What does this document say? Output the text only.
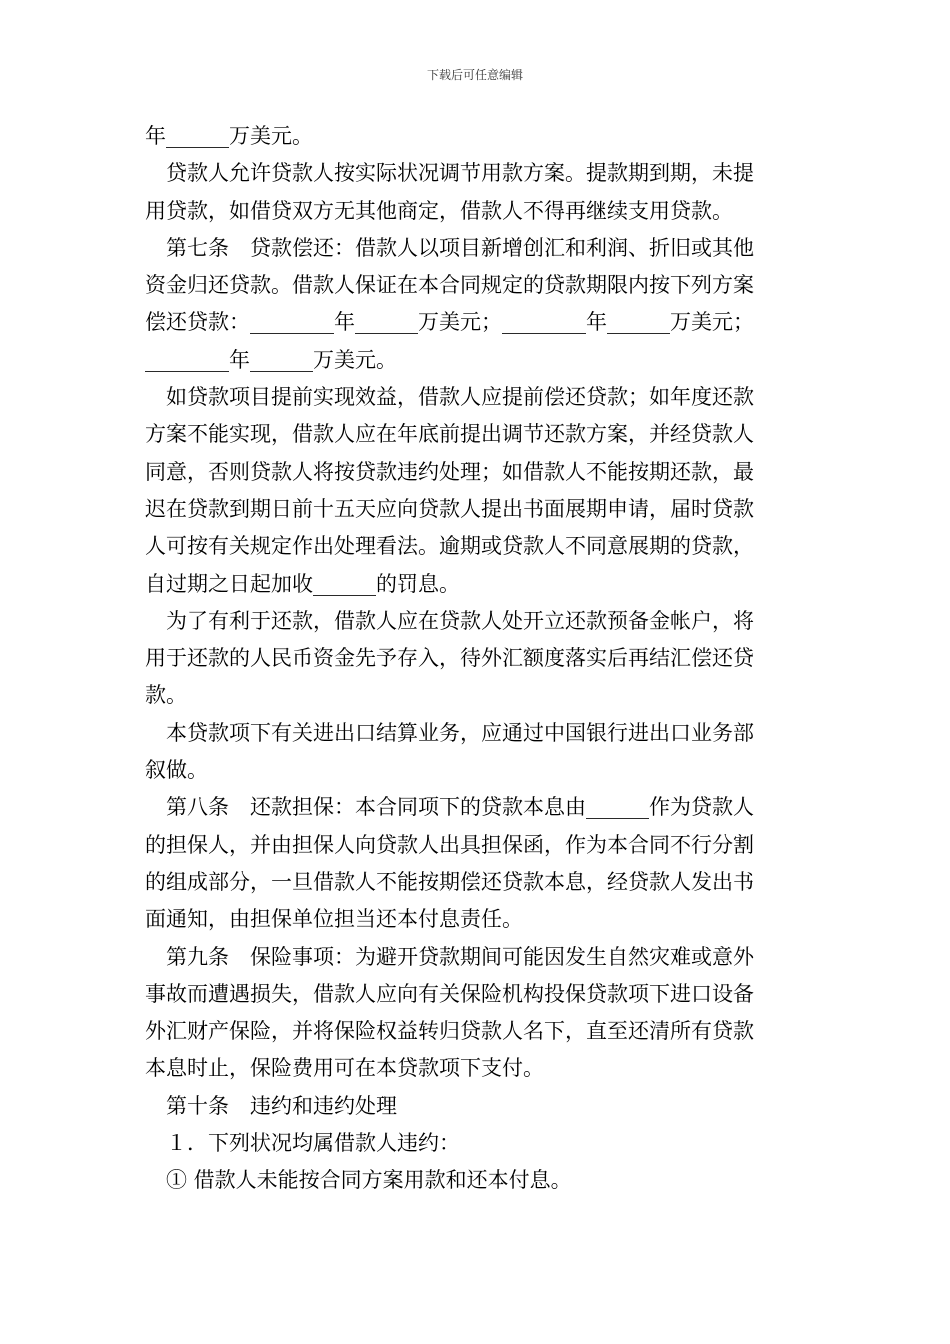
下载后可任意编辑
年______万美元。
贷款人允许贷款人按实际状况调节用款方案。提款期到期，未提
用贷款，如借贷双方无其他商定，借款人不得再继续支用贷款。
第七条　贷款偿还：借款人以项目新增创汇和利润、折旧或其他
资金归还贷款。借款人保证在本合同规定的贷款期限内按下列方案
偿还贷款：________年______万美元；________年______万美元；
________年______万美元。
如贷款项目提前实现效益，借款人应提前偿还贷款；如年度还款
方案不能实现，借款人应在年底前提出调节还款方案，并经贷款人
同意，否则贷款人将按贷款违约处理；如借款人不能按期还款，最
迟在贷款到期日前十五天应向贷款人提出书面展期申请，届时贷款
人可按有关规定作出处理看法。逾期或贷款人不同意展期的贷款，
自过期之日起加收______的罚息。
为了有利于还款，借款人应在贷款人处开立还款预备金帐户，将
用于还款的人民币资金先予存入，待外汇额度落实后再结汇偿还贷
款。
本贷款项下有关进出口结算业务，应通过中国银行进出口业务部
叙做。
第八条　还款担保：本合同项下的贷款本息由______作为贷款人
的担保人，并由担保人向贷款人出具担保函，作为本合同不行分割
的组成部分，一旦借款人不能按期偿还贷款本息，经贷款人发出书
面通知，由担保单位担当还本付息责任。
第九条　保险事项：为避开贷款期间可能因发生自然灾难或意外
事故而遭遇损失，借款人应向有关保险机构投保贷款项下进口设备
外汇财产保险，并将保险权益转归贷款人名下，直至还清所有贷款
本息时止，保险费用可在本贷款项下支付。
第十条　违约和违约处理
１．下列状况均属借款人违约：
① 借款人未能按合同方案用款和还本付息。
